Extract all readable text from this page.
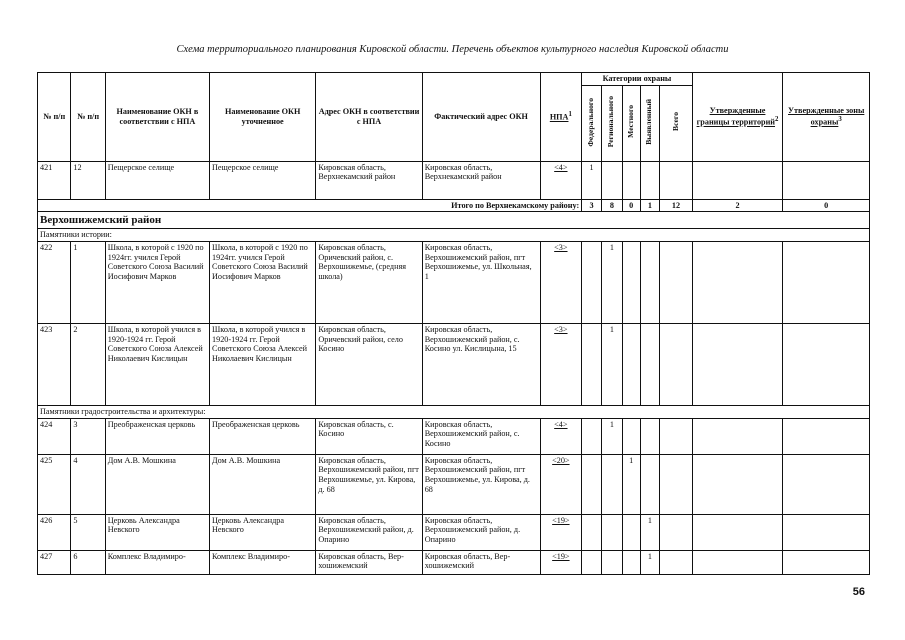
Схема территориального планирования Кировской области. Перечень объектов культурного наследия Кировской области
№ п/п	№ п/п	Наименование ОКН в соответствии с НПА	Наименование ОКН уточненное	Адрес ОКН в соответствии с НПА	Фактический адрес ОКН	НПА$^1$	Категории охраны					Утвержденные границы территорий$^2$	Утвержденные зоны охраны$^3$
							Федерального	Регионального	Местного	Выявленный	Всего		
421	12	Пещерское селище	Пещерское селище	Кировская область, Верхнекамский район	Кировская область, Верхнекамский район	<4>	1						
Итого по Верхнекамскому району:							3	8	0	1	12	2	0
Верхошижемский район													
Памятники истории:													
422	1	Школа, в которой с 1920 по 1924гг. учился Герой Советского Союза Василий Иосифович Марков	Школа, в которой с 1920 по 1924гг. учился Герой Советского Союза Василий Иосифович Марков	Кировская область, Оричевский район, с. Верхошижемье, (средняя школа)	Кировская область, Верхошижемский район, пгт Верхошижемье, ул. Школьная, 1	<3>		1					
423	2	Школа, в которой учился в 1920-1924 гг. Герой Советского Союза Алексей Николаевич Кислицын	Школа, в которой учился в 1920-1924 гг. Герой Советского Союза Алексей Николаевич Кислицын	Кировская область, Оричевский район, село Косино	Кировская область, Верхошижемский район, с. Косино ул. Кислицына, 15	<3>		1					
Памятники градостроительства и архитектуры:													
424	3	Преображенская церковь	Преображенская церковь	Кировская область, с. Косино	Кировская область, Верхошижемский район, с. Косино	<4>		1					
425	4	Дом А.В. Мошкина	Дом А.В. Мошкина	Кировская область, Верхошижемский район, пгт Верхошижемье, ул. Кирова, д. 68	Кировская область, Верхошижемский район, пгт Верхошижемье, ул. Кирова, д. 68	<20>			1				
426	5	Церковь Александра Невского	Церковь Александра Невского	Кировская область, Верхошижемский район, д. Опарино	Кировская область, Верхошижемский район, д. Опарино	<19>				1			
427	6	Комплекс Владимиро-	Комплекс Владимиро-	Кировская область, Вер-хошижемский	Кировская область, Вер-хошижемский	<19>				1			
56
